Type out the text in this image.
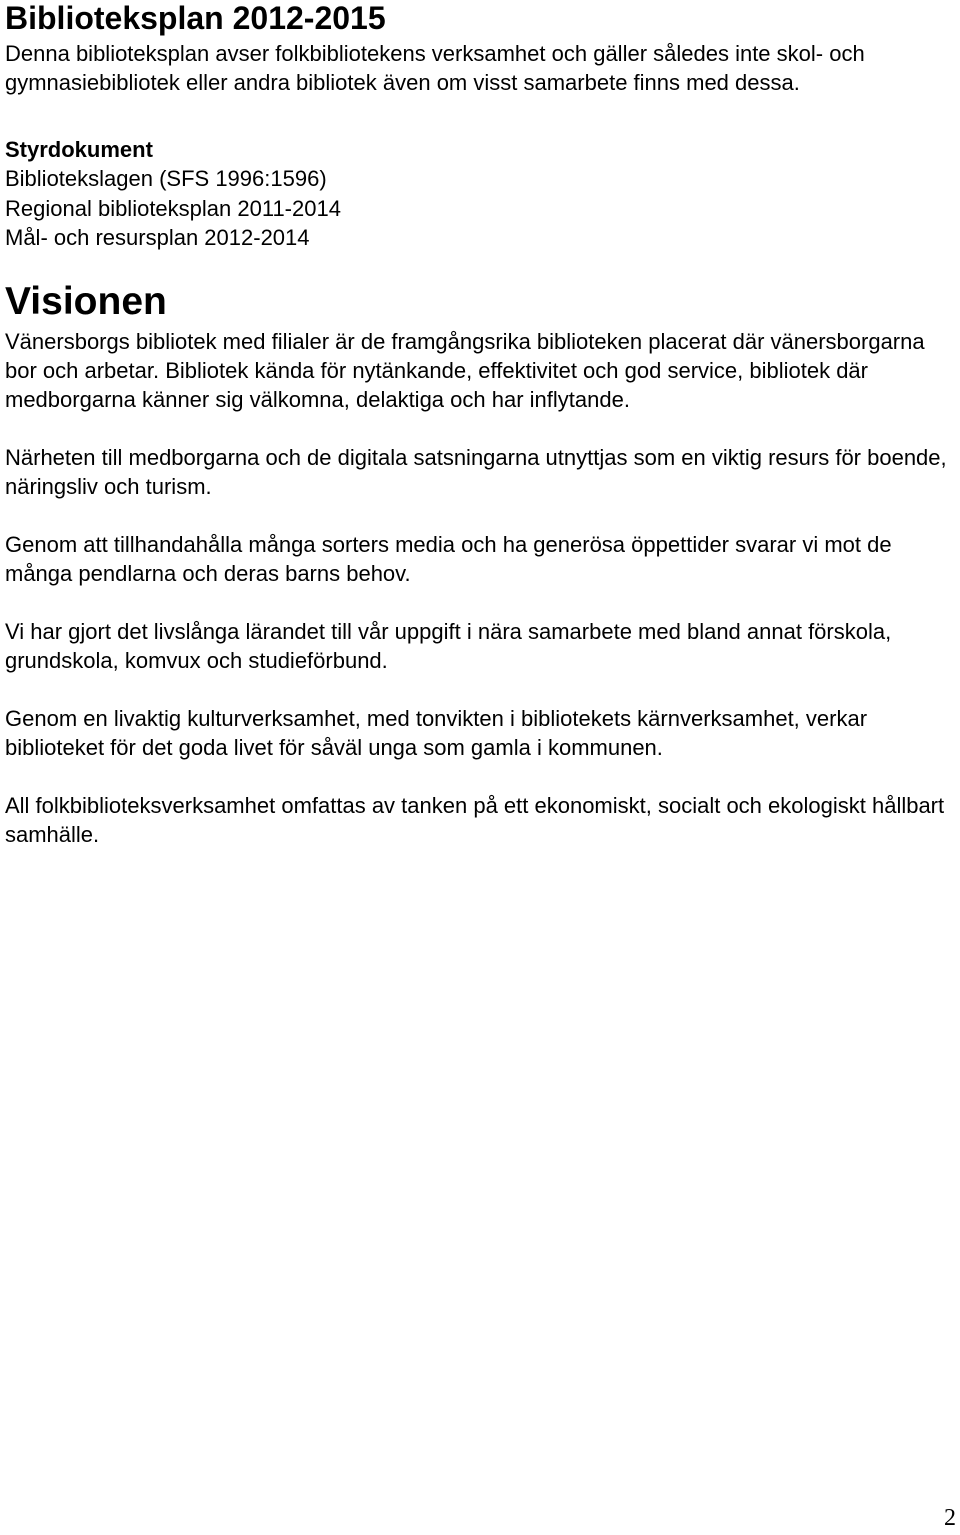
Biblioteksplan 2012-2015

Denna biblioteksplan avser folkbibliotekens verksamhet och gäller således inte skol- och gymnasiebibliotek eller andra bibliotek även om visst samarbete finns med dessa.

Styrdokument
Bibliotekslagen (SFS 1996:1596)
Regional biblioteksplan 2011-2014
Mål- och resursplan 2012-2014
Visionen

Vänersborgs bibliotek med filialer är de framgångsrika biblioteken placerat där vänersborgarna bor och arbetar. Bibliotek kända för nytänkande, effektivitet och god service, bibliotek där medborgarna känner sig välkomna, delaktiga och har inflytande.

Närheten till medborgarna och de digitala satsningarna utnyttjas som en viktig resurs för boende, näringsliv och turism.

Genom att tillhandahålla många sorters media och ha generösa öppettider svarar vi mot de många pendlarna och deras barns behov.

Vi har gjort det livslånga lärandet till vår uppgift i nära samarbete med bland annat förskola, grundskola, komvux och studieförbund.

Genom en livaktig kulturverksamhet, med tonvikten i bibliotekets kärnverksamhet, verkar biblioteket för det goda livet för såväl unga som gamla i kommunen.

All folkbiblioteksverksamhet omfattas av tanken på ett ekonomiskt, socialt och ekologiskt hållbart samhälle.

2
